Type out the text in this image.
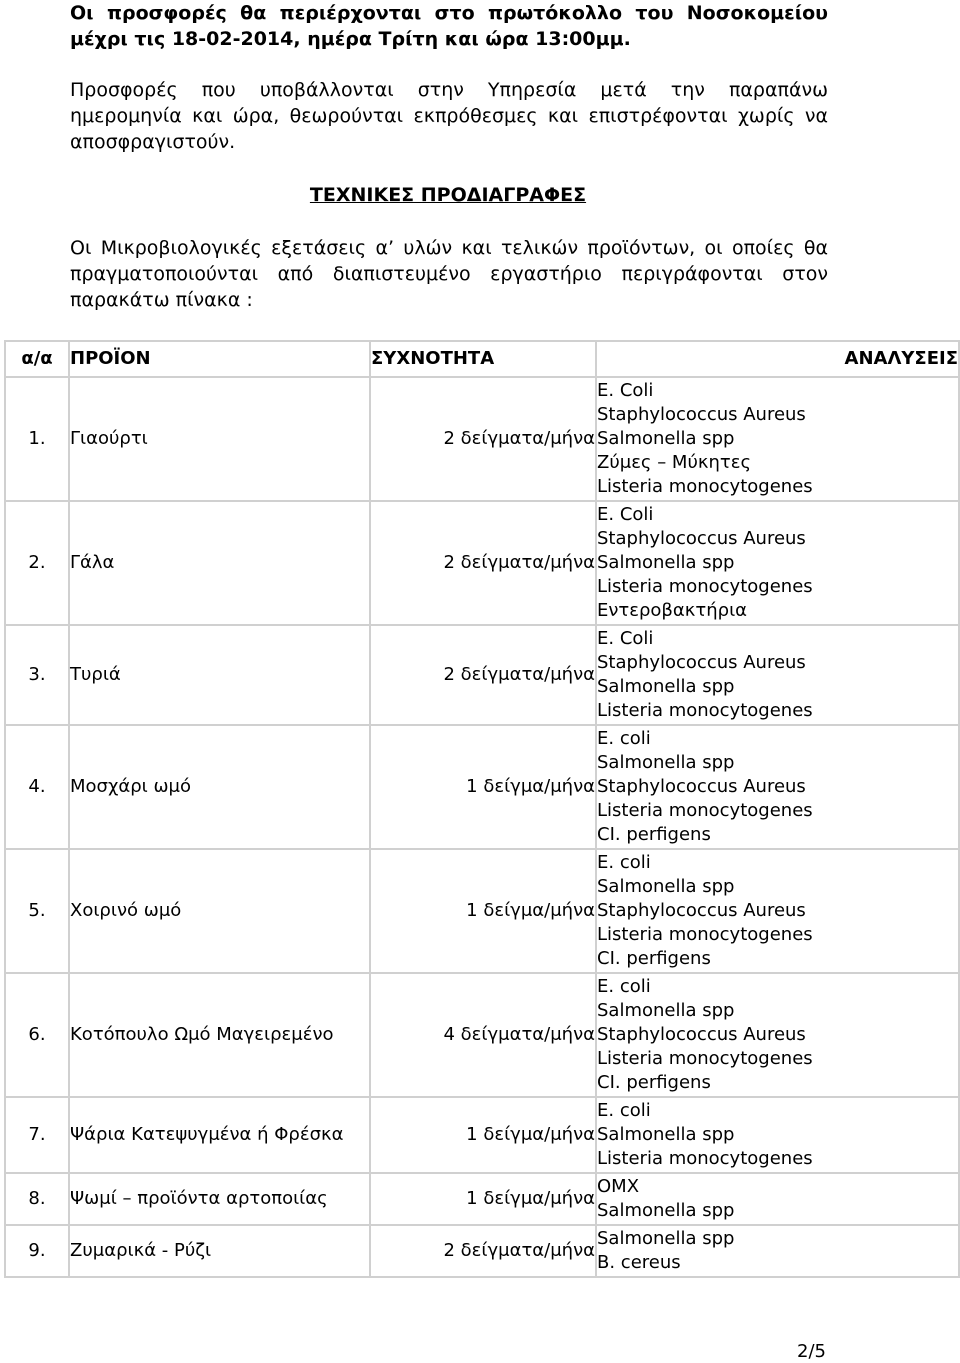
Οι προσφορές θα περιέρχονται στο πρωτόκολλο του Νοσοκομείου
μέχρι τις 18-02-2014, ημέρα Τρίτη και ώρα 13:00μμ.
Προσφορές που υποβάλλονται στην Υπηρεσία μετά την παραπάνω
ημερομηνία και ώρα, θεωρούνται εκπρόθεσμες και επιστρέφονται χωρίς να
αποσφραγιστούν.
ΤΕΧΝΙΚΕΣ ΠΡΟΔΙΑΓΡΑΦΕΣ
Οι Μικροβιολογικές εξετάσεις α’ υλών και τελικών προϊόντων, οι οποίες θα
πραγματοποιούνται από διαπιστευμένο εργαστήριο περιγράφονται στον
παρακάτω πίνακα :
α/α	ΠΡΟΪΟΝ	ΣΥΧΝΟΤΗΤΑ	ΑΝΑΛΥΣΕΙΣ
1.	Γιαούρτι	2 δείγματα/μήνα	E. Coli
Staphylococcus Aureus
Salmonella spp
Ζύμες – Μύκητες
Listeria monocytogenes

2.	Γάλα	2 δείγματα/μήνα	E. Coli
Staphylococcus Aureus
Salmonella spp
Listeria monocytogenes
Εντεροβακτήρια

3.	Τυριά	2 δείγματα/μήνα	E. Coli
Staphylococcus Aureus
Salmonella spp
Listeria monocytogenes

4.	Μοσχάρι ωμό	1 δείγμα/μήνα	E. coli
Salmonella spp
Staphylococcus Aureus
Listeria monocytogenes
CI. perfigens

5.	Χοιρινό ωμό	1 δείγμα/μήνα	E. coli
Salmonella spp
Staphylococcus Aureus
Listeria monocytogenes
CI. perfigens

6.	Κοτόπουλο Ωμό Μαγειρεμένο	4 δείγματα/μήνα	E. coli
Salmonella spp
Staphylococcus Aureus
Listeria monocytogenes
CI. perfigens

7.	Ψάρια Κατεψυγμένα ή Φρέσκα	1 δείγμα/μήνα	E. coli
Salmonella spp
Listeria monocytogenes

8.	Ψωμί – προϊόντα αρτοποιίας	1 δείγμα/μήνα	OMX
Salmonella spp

9.	Ζυμαρικά - Ρύζι	2 δείγματα/μήνα	Salmonella spp
B. cereus
2/5
